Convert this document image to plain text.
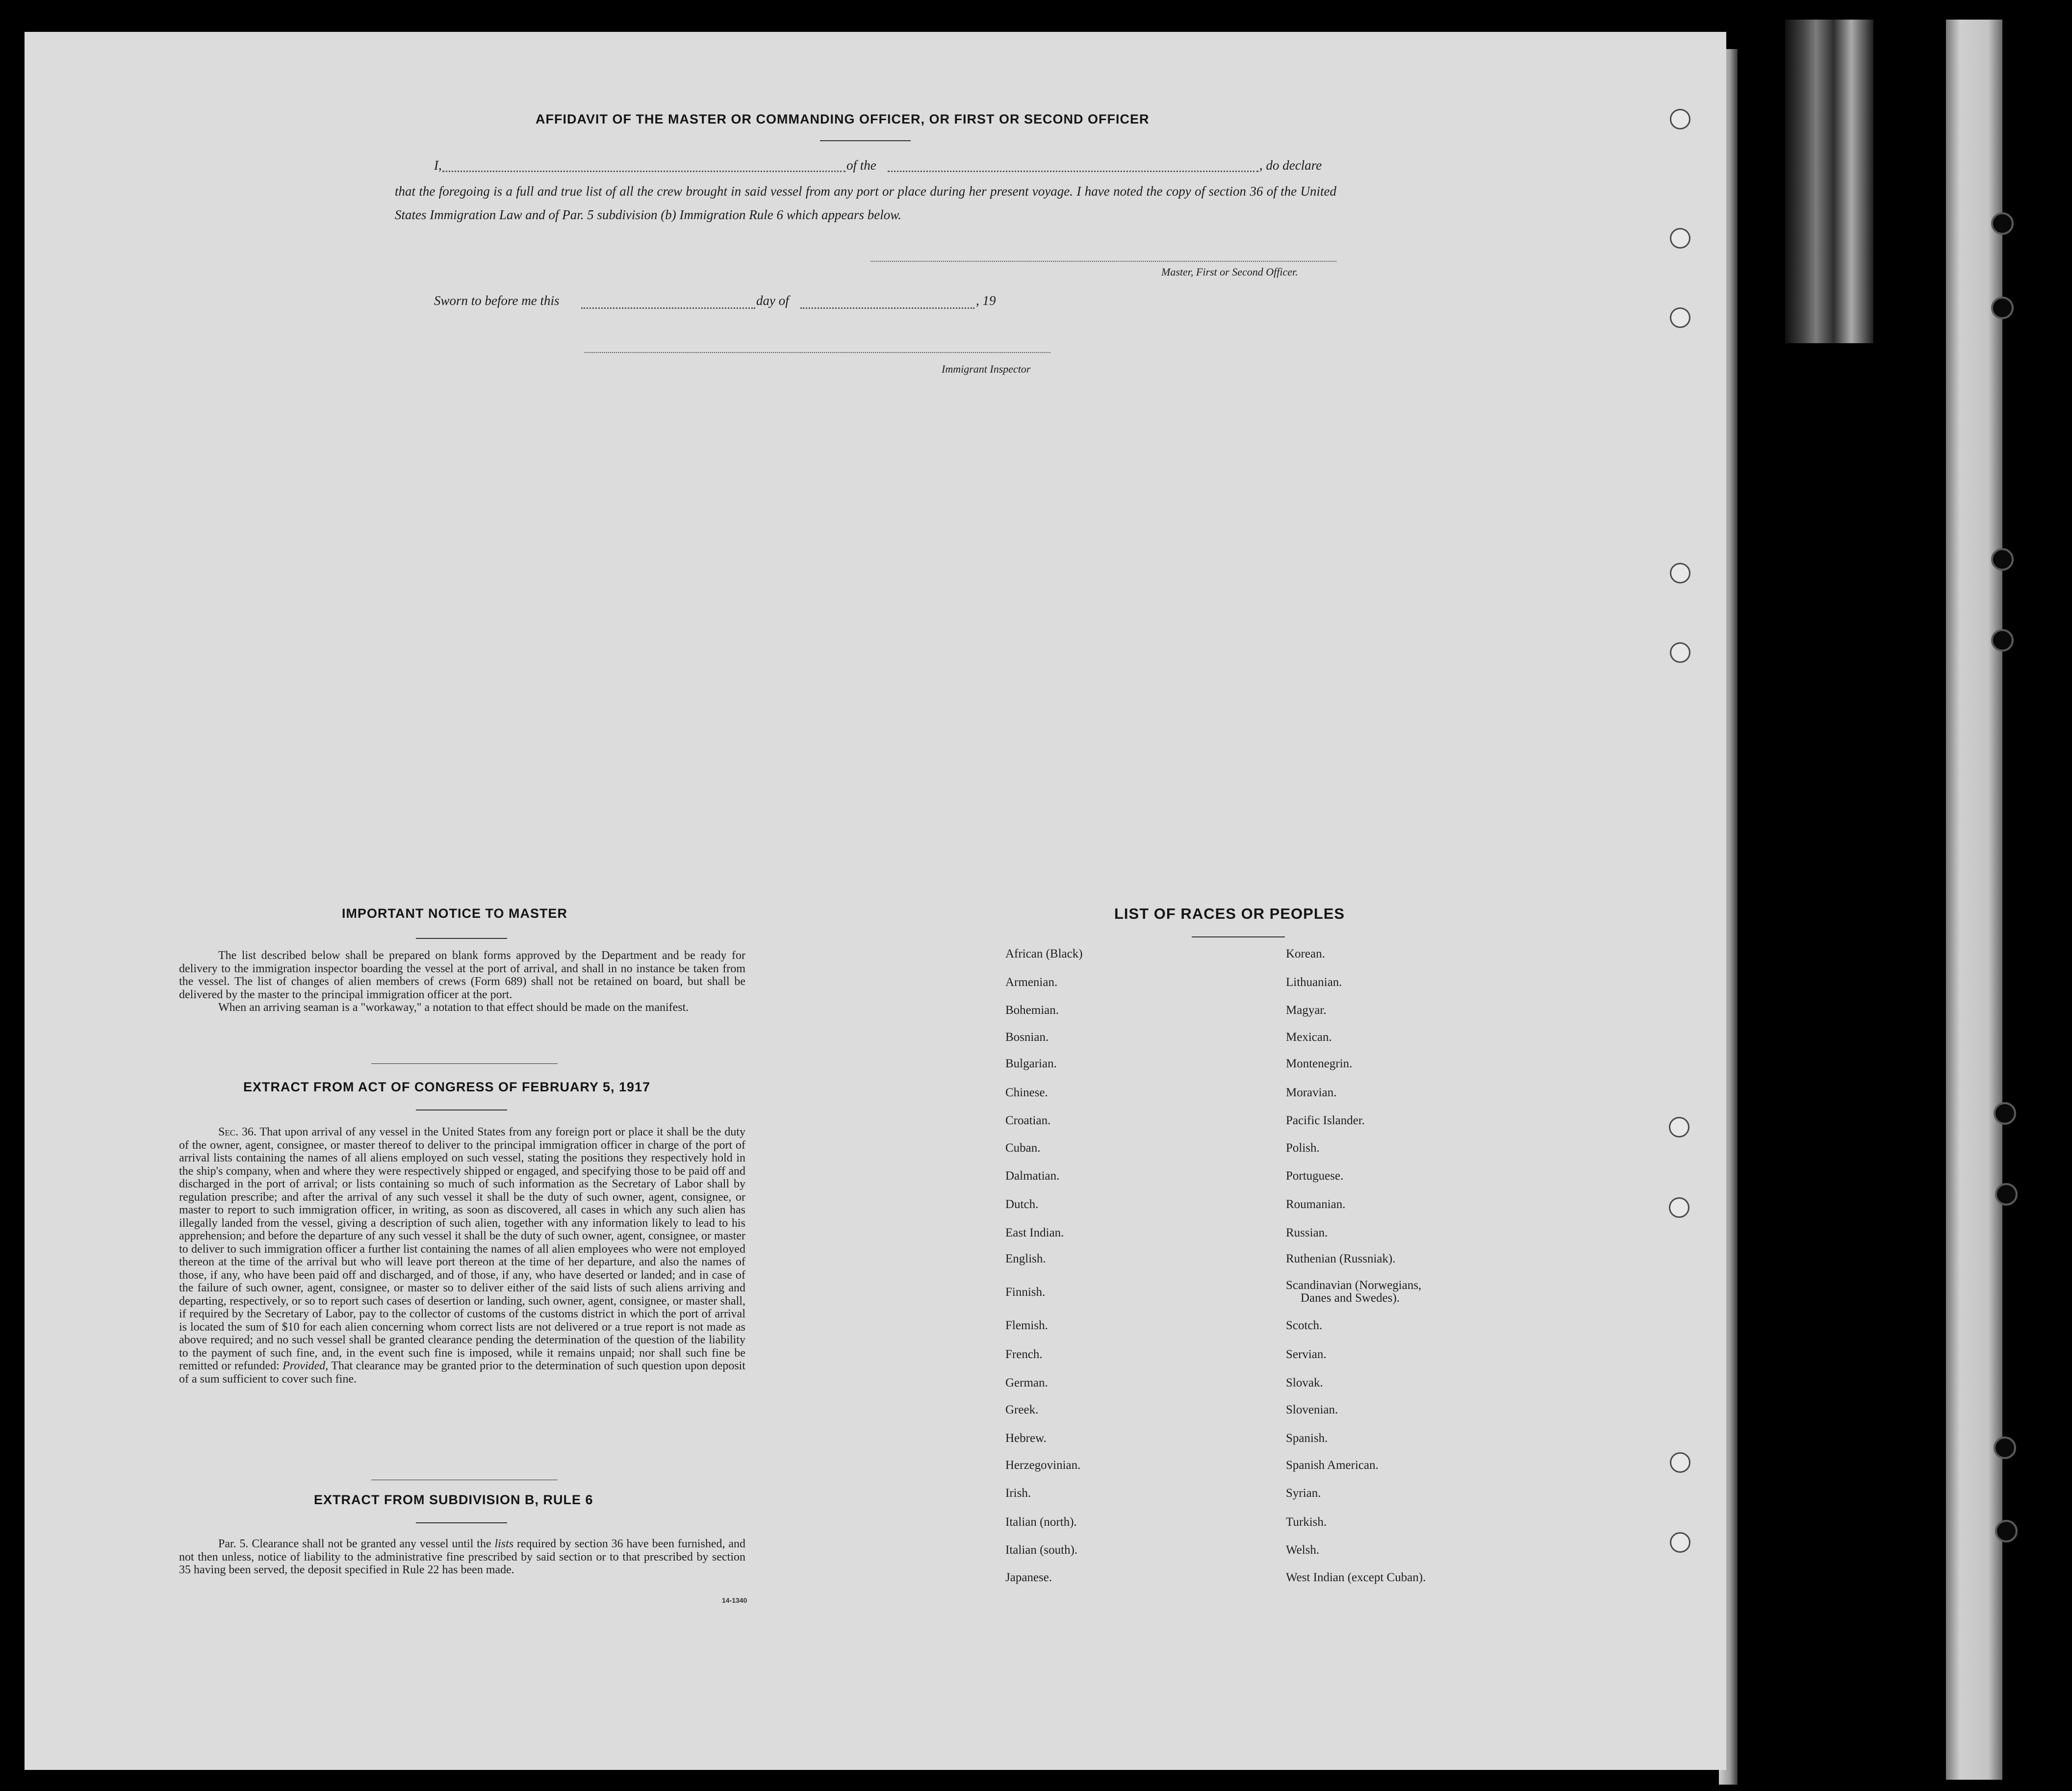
AFFIDAVIT OF THE MASTER OR COMMANDING OFFICER, OR FIRST OR SECOND OFFICER
I,	of the	, do declare
that the foregoing is a full and true list of all the crew brought in said vessel from any port or place during her present voyage. I have noted the copy of section 36 of the United States Immigration Law and of Par. 5 subdivision (b) Immigration Rule 6 which appears below.
Master, First or Second Officer.
Sworn to before me this	day of	, 19
Immigrant Inspector
IMPORTANT NOTICE TO MASTER

The list described below shall be prepared on blank forms approved by the Department and be ready for delivery to the immigration inspector boarding the vessel at the port of arrival, and shall in no instance be taken from the vessel. The list of changes of alien members of crews (Form 689) shall not be retained on board, but shall be delivered by the master to the principal immigration officer at the port.

When an arriving seaman is a "workaway," a notation to that effect should be made on the manifest.

EXTRACT FROM ACT OF CONGRESS OF FEBRUARY 5, 1917

Sec. 36. That upon arrival of any vessel in the United States from any foreign port or place it shall be the duty of the owner, agent, consignee, or master thereof to deliver to the principal immigration officer in charge of the port of arrival lists containing the names of all aliens employed on such vessel, stating the positions they respectively hold in the ship's company, when and where they were respectively shipped or engaged, and specifying those to be paid off and discharged in the port of arrival; or lists containing so much of such information as the Secretary of Labor shall by regulation prescribe; and after the arrival of any such vessel it shall be the duty of such owner, agent, consignee, or master to report to such immigration officer, in writing, as soon as discovered, all cases in which any such alien has illegally landed from the vessel, giving a description of such alien, together with any information likely to lead to his apprehension; and before the departure of any such vessel it shall be the duty of such owner, agent, consignee, or master to deliver to such immigration officer a further list containing the names of all alien employees who were not employed thereon at the time of the arrival but who will leave port thereon at the time of her departure, and also the names of those, if any, who have been paid off and discharged, and of those, if any, who have deserted or landed; and in case of the failure of such owner, agent, consignee, or master so to deliver either of the said lists of such aliens arriving and departing, respectively, or so to report such cases of desertion or landing, such owner, agent, consignee, or master shall, if required by the Secretary of Labor, pay to the collector of customs of the customs district in which the port of arrival is located the sum of $10 for each alien concerning whom correct lists are not delivered or a true report is not made as above required; and no such vessel shall be granted clearance pending the determination of the question of the liability to the payment of such fine, and, in the event such fine is imposed, while it remains unpaid; nor shall such fine be remitted or refunded: Provided, That clearance may be granted prior to the determination of such question upon deposit of a sum sufficient to cover such fine.

EXTRACT FROM SUBDIVISION B, RULE 6

Par. 5. Clearance shall not be granted any vessel until the lists required by section 36 have been furnished, and not then unless, notice of liability to the administrative fine prescribed by said section or to that prescribed by section 35 having been served, the deposit specified in Rule 22 has been made.

14-1340
LIST OF RACES OR PEOPLES
African (Black)
Armenian.
Bohemian.
Bosnian.
Bulgarian.
Chinese.
Croatian.
Cuban.
Dalmatian.
Dutch.
East Indian.
English.
Finnish.
Flemish.
French.
German.
Greek.
Hebrew.
Herzegovinian.
Irish.
Italian (north).
Italian (south).
Japanese.
Korean.
Lithuanian.
Magyar.
Mexican.
Montenegrin.
Moravian.
Pacific Islander.
Polish.
Portuguese.
Roumanian.
Russian.
Ruthenian (Russniak).
Scandinavian (Norwegians,
Danes and Swedes).
Scotch.
Servian.
Slovak.
Slovenian.
Spanish.
Spanish American.
Syrian.
Turkish.
Welsh.
West Indian (except Cuban).
